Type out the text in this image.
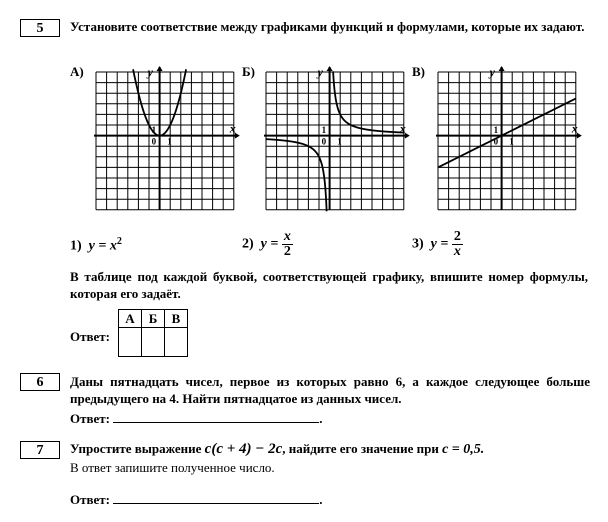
5	Установите соответствие между графиками функций и формулами, которые их задают.
А)	Б)	В)
y
x
1
0 1
y
x
1
0 1
y
x
1
0 1
1) $y = x^2$	2) $y = \frac{x}{2}$	3) $y = \frac{2}{x}$
В таблице под каждой буквой, соответствующей графику, впишите номер формулы, которая его задаёт.
Ответ:
А	Б	В

6	Даны пятнадцать чисел, первое из которых равно 6, а каждое следующее больше предыдущего на 4. Найти пятнадцатое из данных чисел.
Ответ:	.
7	Упростите выражение c(c + 4) − 2c, найдите его значение при c = 0,5.
В ответ запишите полученное число.
Ответ:	.
